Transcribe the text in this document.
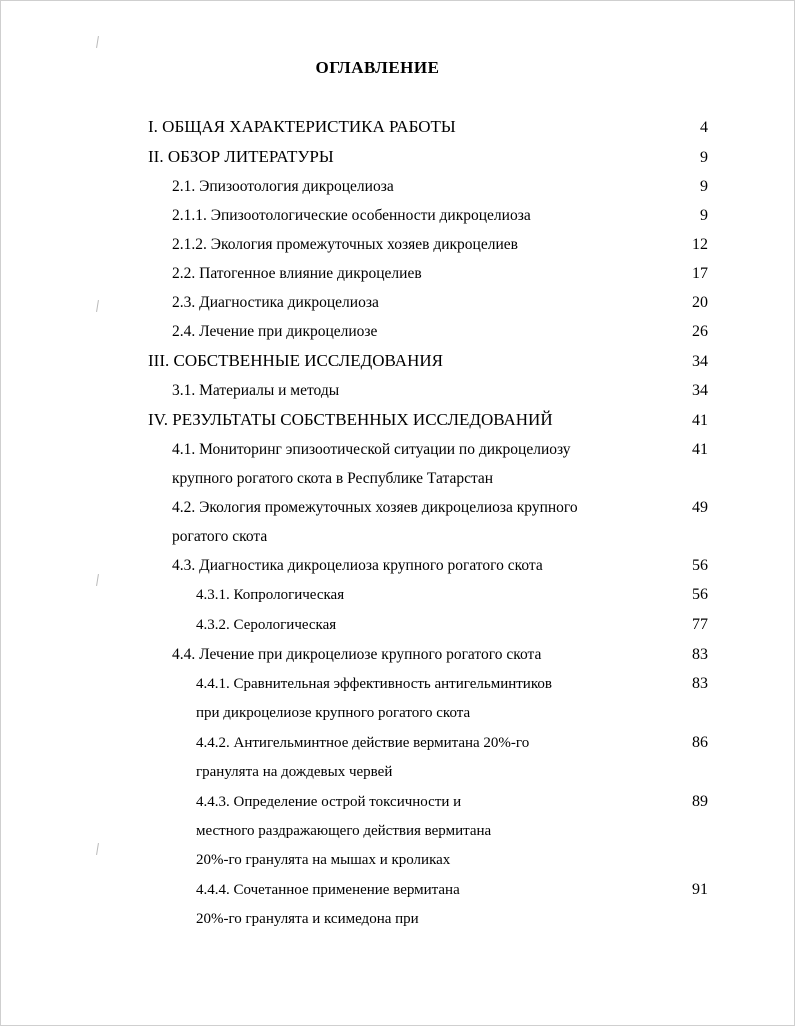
ОГЛАВЛЕНИЕ
I. ОБЩАЯ ХАРАКТЕРИСТИКА РАБОТЫ	4
II. ОБЗОР ЛИТЕРАТУРЫ	9
2.1. Эпизоотология дикроцелиоза	9
2.1.1. Эпизоотологические особенности дикроцелиоза	9
2.1.2. Экология промежуточных хозяев дикроцелиев	12
2.2. Патогенное влияние дикроцелиев	17
2.3. Диагностика дикроцелиоза	20
2.4. Лечение при дикроцелиозе	26
III. СОБСТВЕННЫЕ ИССЛЕДОВАНИЯ	34
3.1. Материалы и методы	34
IV. РЕЗУЛЬТАТЫ СОБСТВЕННЫХ ИССЛЕДОВАНИЙ	41
4.1. Мониторинг эпизоотической ситуации по дикроцелиозу	41
крупного рогатого скота в Республике Татарстан
4.2. Экология промежуточных хозяев дикроцелиоза крупного	49
рогатого скота
4.3. Диагностика дикроцелиоза крупного рогатого скота	56
4.3.1. Копрологическая	56
4.3.2. Серологическая	77
4.4. Лечение при дикроцелиозе крупного рогатого скота	83
4.4.1. Сравнительная эффективность антигельминтиков	83
при дикроцелиозе крупного рогатого скота
4.4.2. Антигельминтное действие вермитана 20%-го	86
гранулята на дождевых червей
4.4.3. Определение острой токсичности и	89
местного раздражающего действия вермитана
20%-го гранулята на мышах и кроликах
4.4.4. Сочетанное применение вермитана	91
20%-го гранулята и ксимедона при
